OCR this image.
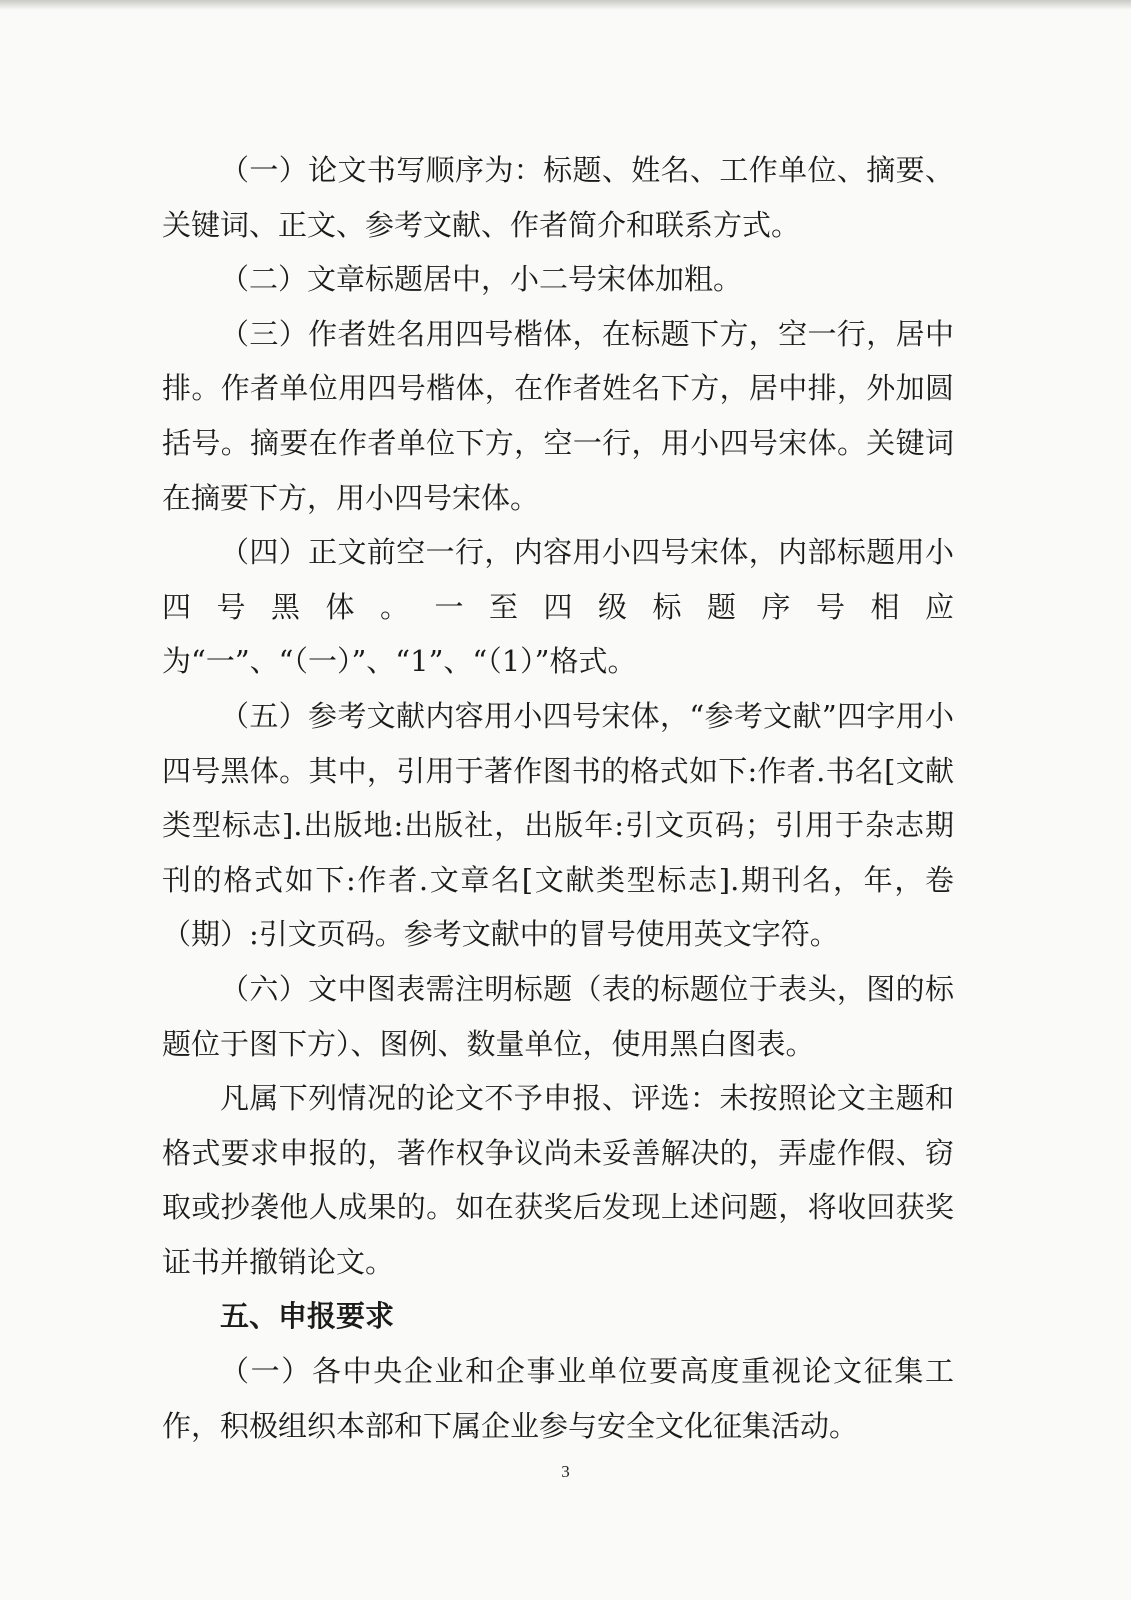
（一）论文书写顺序为：标题、姓名、工作单位、摘要、关键词、正文、参考文献、作者简介和联系方式。

（二）文章标题居中，小二号宋体加粗。

（三）作者姓名用四号楷体，在标题下方，空一行，居中排。作者单位用四号楷体，在作者姓名下方，居中排，外加圆括号。摘要在作者单位下方，空一行，用小四号宋体。关键词在摘要下方，用小四号宋体。

（四）正文前空一行，内容用小四号宋体，内部标题用小四号黑体。一至四级标题序号相应为“一”、“（一）”、“1”、“（1）”格式。

（五）参考文献内容用小四号宋体，“参考文献”四字用小四号黑体。其中，引用于著作图书的格式如下:作者.书名[文献类型标志].出版地:出版社，出版年:引文页码；引用于杂志期刊的格式如下:作者.文章名[文献类型标志].期刊名，年，卷（期）:引文页码。参考文献中的冒号使用英文字符。

（六）文中图表需注明标题（表的标题位于表头，图的标题位于图下方）、图例、数量单位，使用黑白图表。

凡属下列情况的论文不予申报、评选：未按照论文主题和格式要求申报的，著作权争议尚未妥善解决的，弄虚作假、窃取或抄袭他人成果的。如在获奖后发现上述问题，将收回获奖证书并撤销论文。

五、申报要求

（一）各中央企业和企事业单位要高度重视论文征集工作，积极组织本部和下属企业参与安全文化征集活动。

3
